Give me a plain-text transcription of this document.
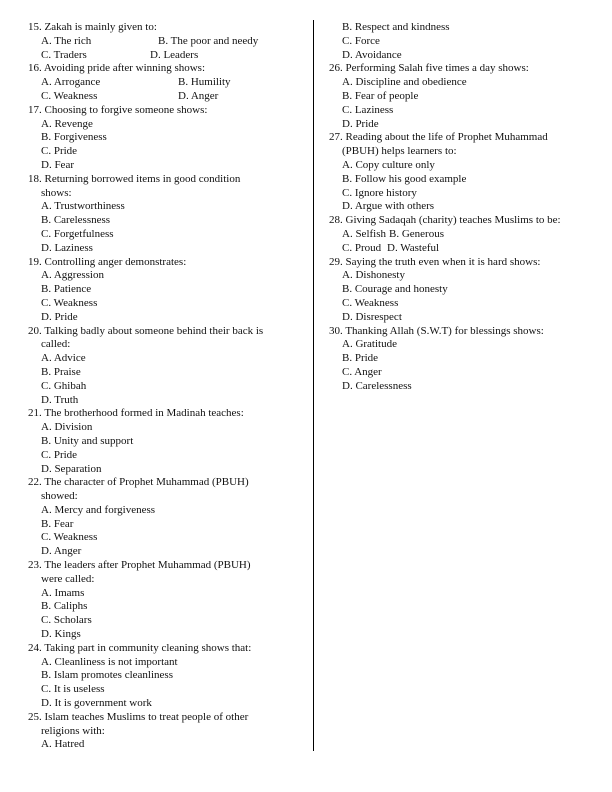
15. Zakah is mainly given to:
A. The rich	B. The poor and needy
C. Traders	D. Leaders
16. Avoiding pride after winning shows:
A. Arrogance	B. Humility
C. Weakness	D. Anger
17. Choosing to forgive someone shows:
A. Revenge
B. Forgiveness
C. Pride
D. Fear
18. Returning borrowed items in good condition
shows:
A. Trustworthiness
B. Carelessness
C. Forgetfulness
D. Laziness
19. Controlling anger demonstrates:
A. Aggression
B. Patience
C. Weakness
D. Pride
20. Talking badly about someone behind their back is
called:
A. Advice
B. Praise
C. Ghibah
D. Truth
21. The brotherhood formed in Madinah teaches:
A. Division
B. Unity and support
C. Pride
D. Separation
22. The character of Prophet Muhammad (PBUH)
showed:
A. Mercy and forgiveness
B. Fear
C. Weakness
D. Anger
23. The leaders after Prophet Muhammad (PBUH)
were called:
A. Imams
B. Caliphs
C. Scholars
D. Kings
24. Taking part in community cleaning shows that:
A. Cleanliness is not important
B. Islam promotes cleanliness
C. It is useless
D. It is government work
25. Islam teaches Muslims to treat people of other
religions with:
A. Hatred
B. Respect and kindness
C. Force
D. Avoidance
26. Performing Salah five times a day shows:
A. Discipline and obedience
B. Fear of people
C. Laziness
D. Pride
27. Reading about the life of Prophet Muhammad
(PBUH) helps learners to:
A. Copy culture only
B. Follow his good example
C. Ignore history
D. Argue with others
28. Giving Sadaqah (charity) teaches Muslims to be:
A. Selfish B. Generous
C. Proud D. Wasteful
29. Saying the truth even when it is hard shows:
A. Dishonesty
B. Courage and honesty
C. Weakness
D. Disrespect
30. Thanking Allah (S.W.T) for blessings shows:
A. Gratitude
B. Pride
C. Anger
D. Carelessness
